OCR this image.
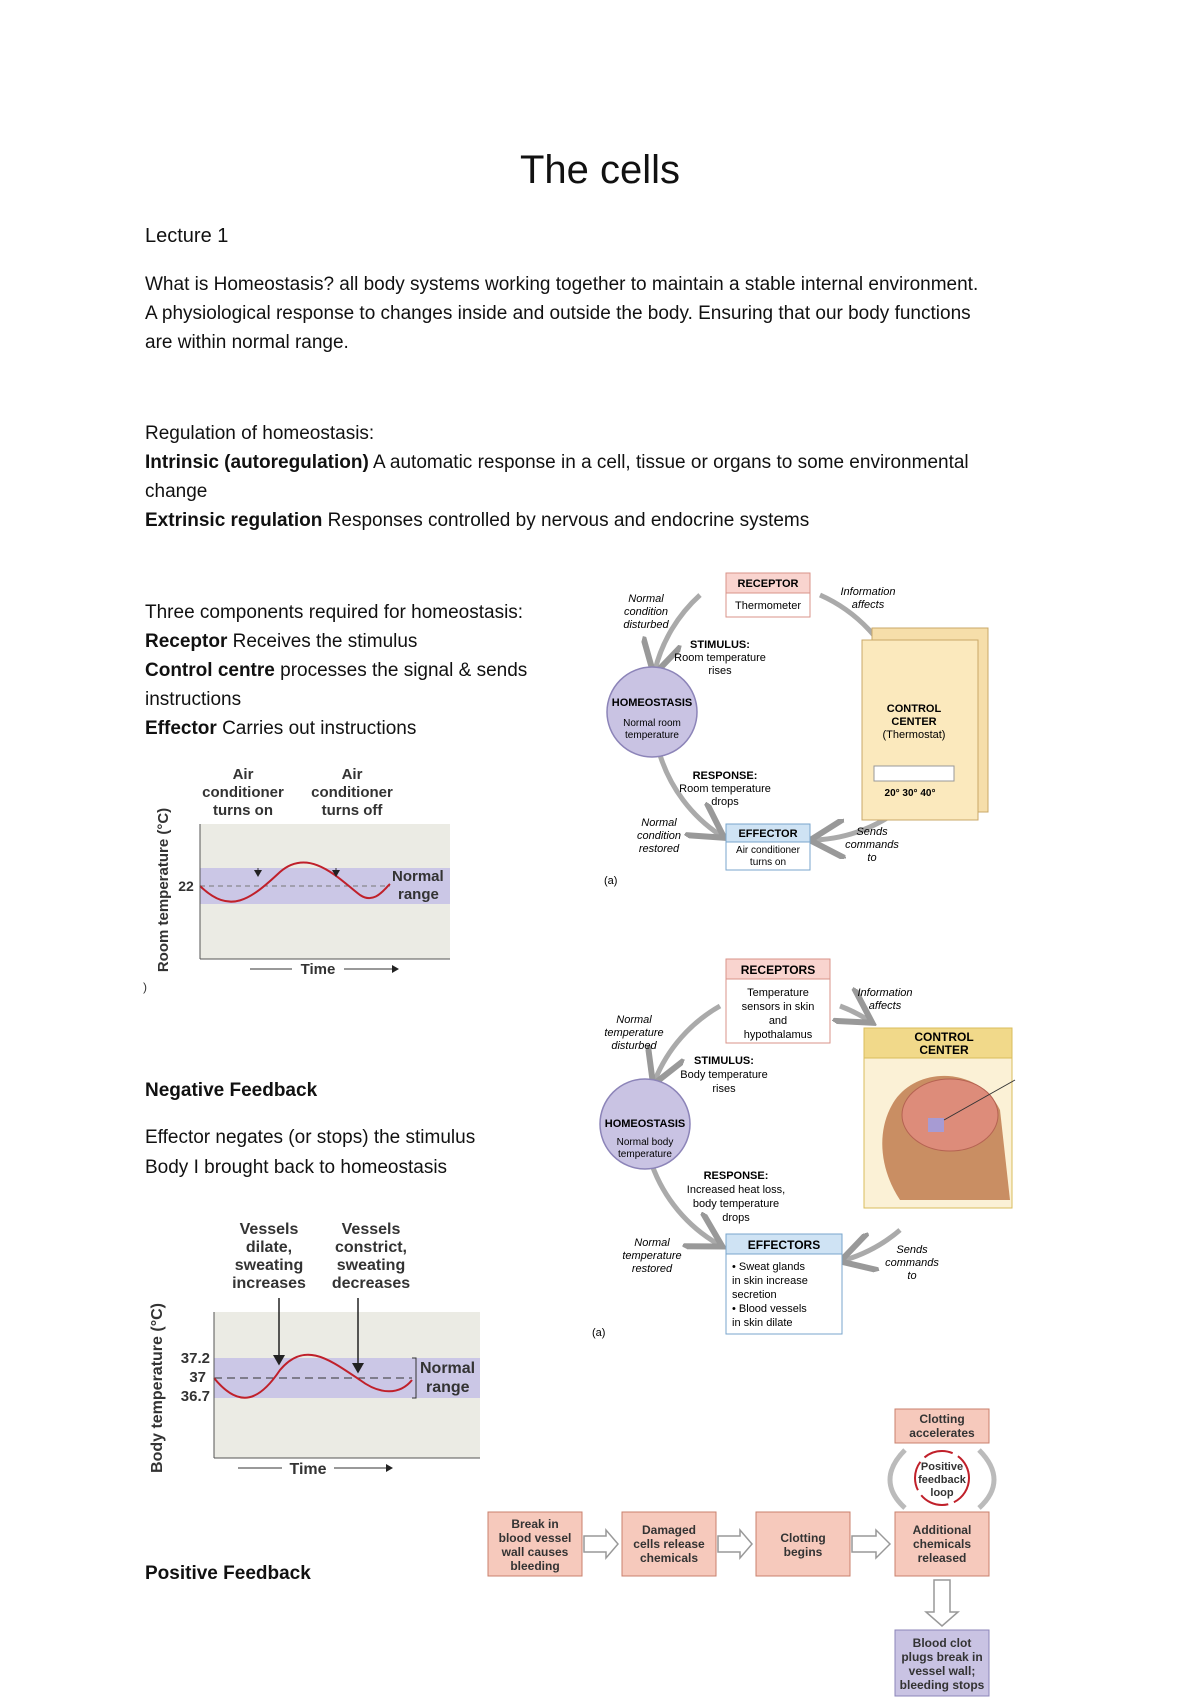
The cells
Lecture 1
What is Homeostasis? all body systems working together to maintain a stable internal environment.
A physiological response to changes inside and outside the body. Ensuring that our body functions
are within normal range.
Regulation of homeostasis:
Intrinsic (autoregulation) A automatic response in a cell, tissue or organs to some environmental
change
Extrinsic regulation Responses controlled by nervous and endocrine systems
Three components required for homeostasis:
Receptor Receives the stimulus
Control centre processes the signal & sends
instructions
Effector Carries out instructions
Negative Feedback
Effector negates (or stops) the stimulus
Body I brought back to homeostasis
Positive Feedback
RECEPTOR
Thermometer
Normal
condition
disturbed
Information
affects
STIMULUS:
Room temperature
rises
CONTROL
CENTER
(Thermostat)
20° 30° 40°
HOMEOSTASIS
Normal room
temperature
RESPONSE:
Room temperature
drops
Normal
condition
restored
EFFECTOR
Air conditioner
turns on
Sends
commands
to
(a)
Air
conditioner
turns on
Air
conditioner
turns off
22
Normal
range
Room temperature (°C)	Time
)
RECEPTORS
Temperature
sensors in skin
and
hypothalamus
Information
affects
CONTROL
CENTER
Normal
temperature
disturbed
STIMULUS:
Body temperature
rises
HOMEOSTASIS
Normal body
temperature
RESPONSE:
Increased heat loss,
body temperature
drops
Normal
temperature
restored
EFFECTORS
• Sweat glands
in skin increase
secretion
• Blood vessels
in skin dilate
Sends
commands
to
(a)
Vessels
dilate,
sweating
increases
Vessels
constrict,
sweating
decreases
37.2
37
36.7
Normal
range
Body temperature (°C)	Time
Break in
blood vessel
wall causes
bleeding
Damaged
cells release
chemicals
Clotting
begins
Additional
chemicals
released
Clotting
accelerates
Blood clot
plugs break in
vessel wall;
bleeding stops
Positive
feedback
loop
